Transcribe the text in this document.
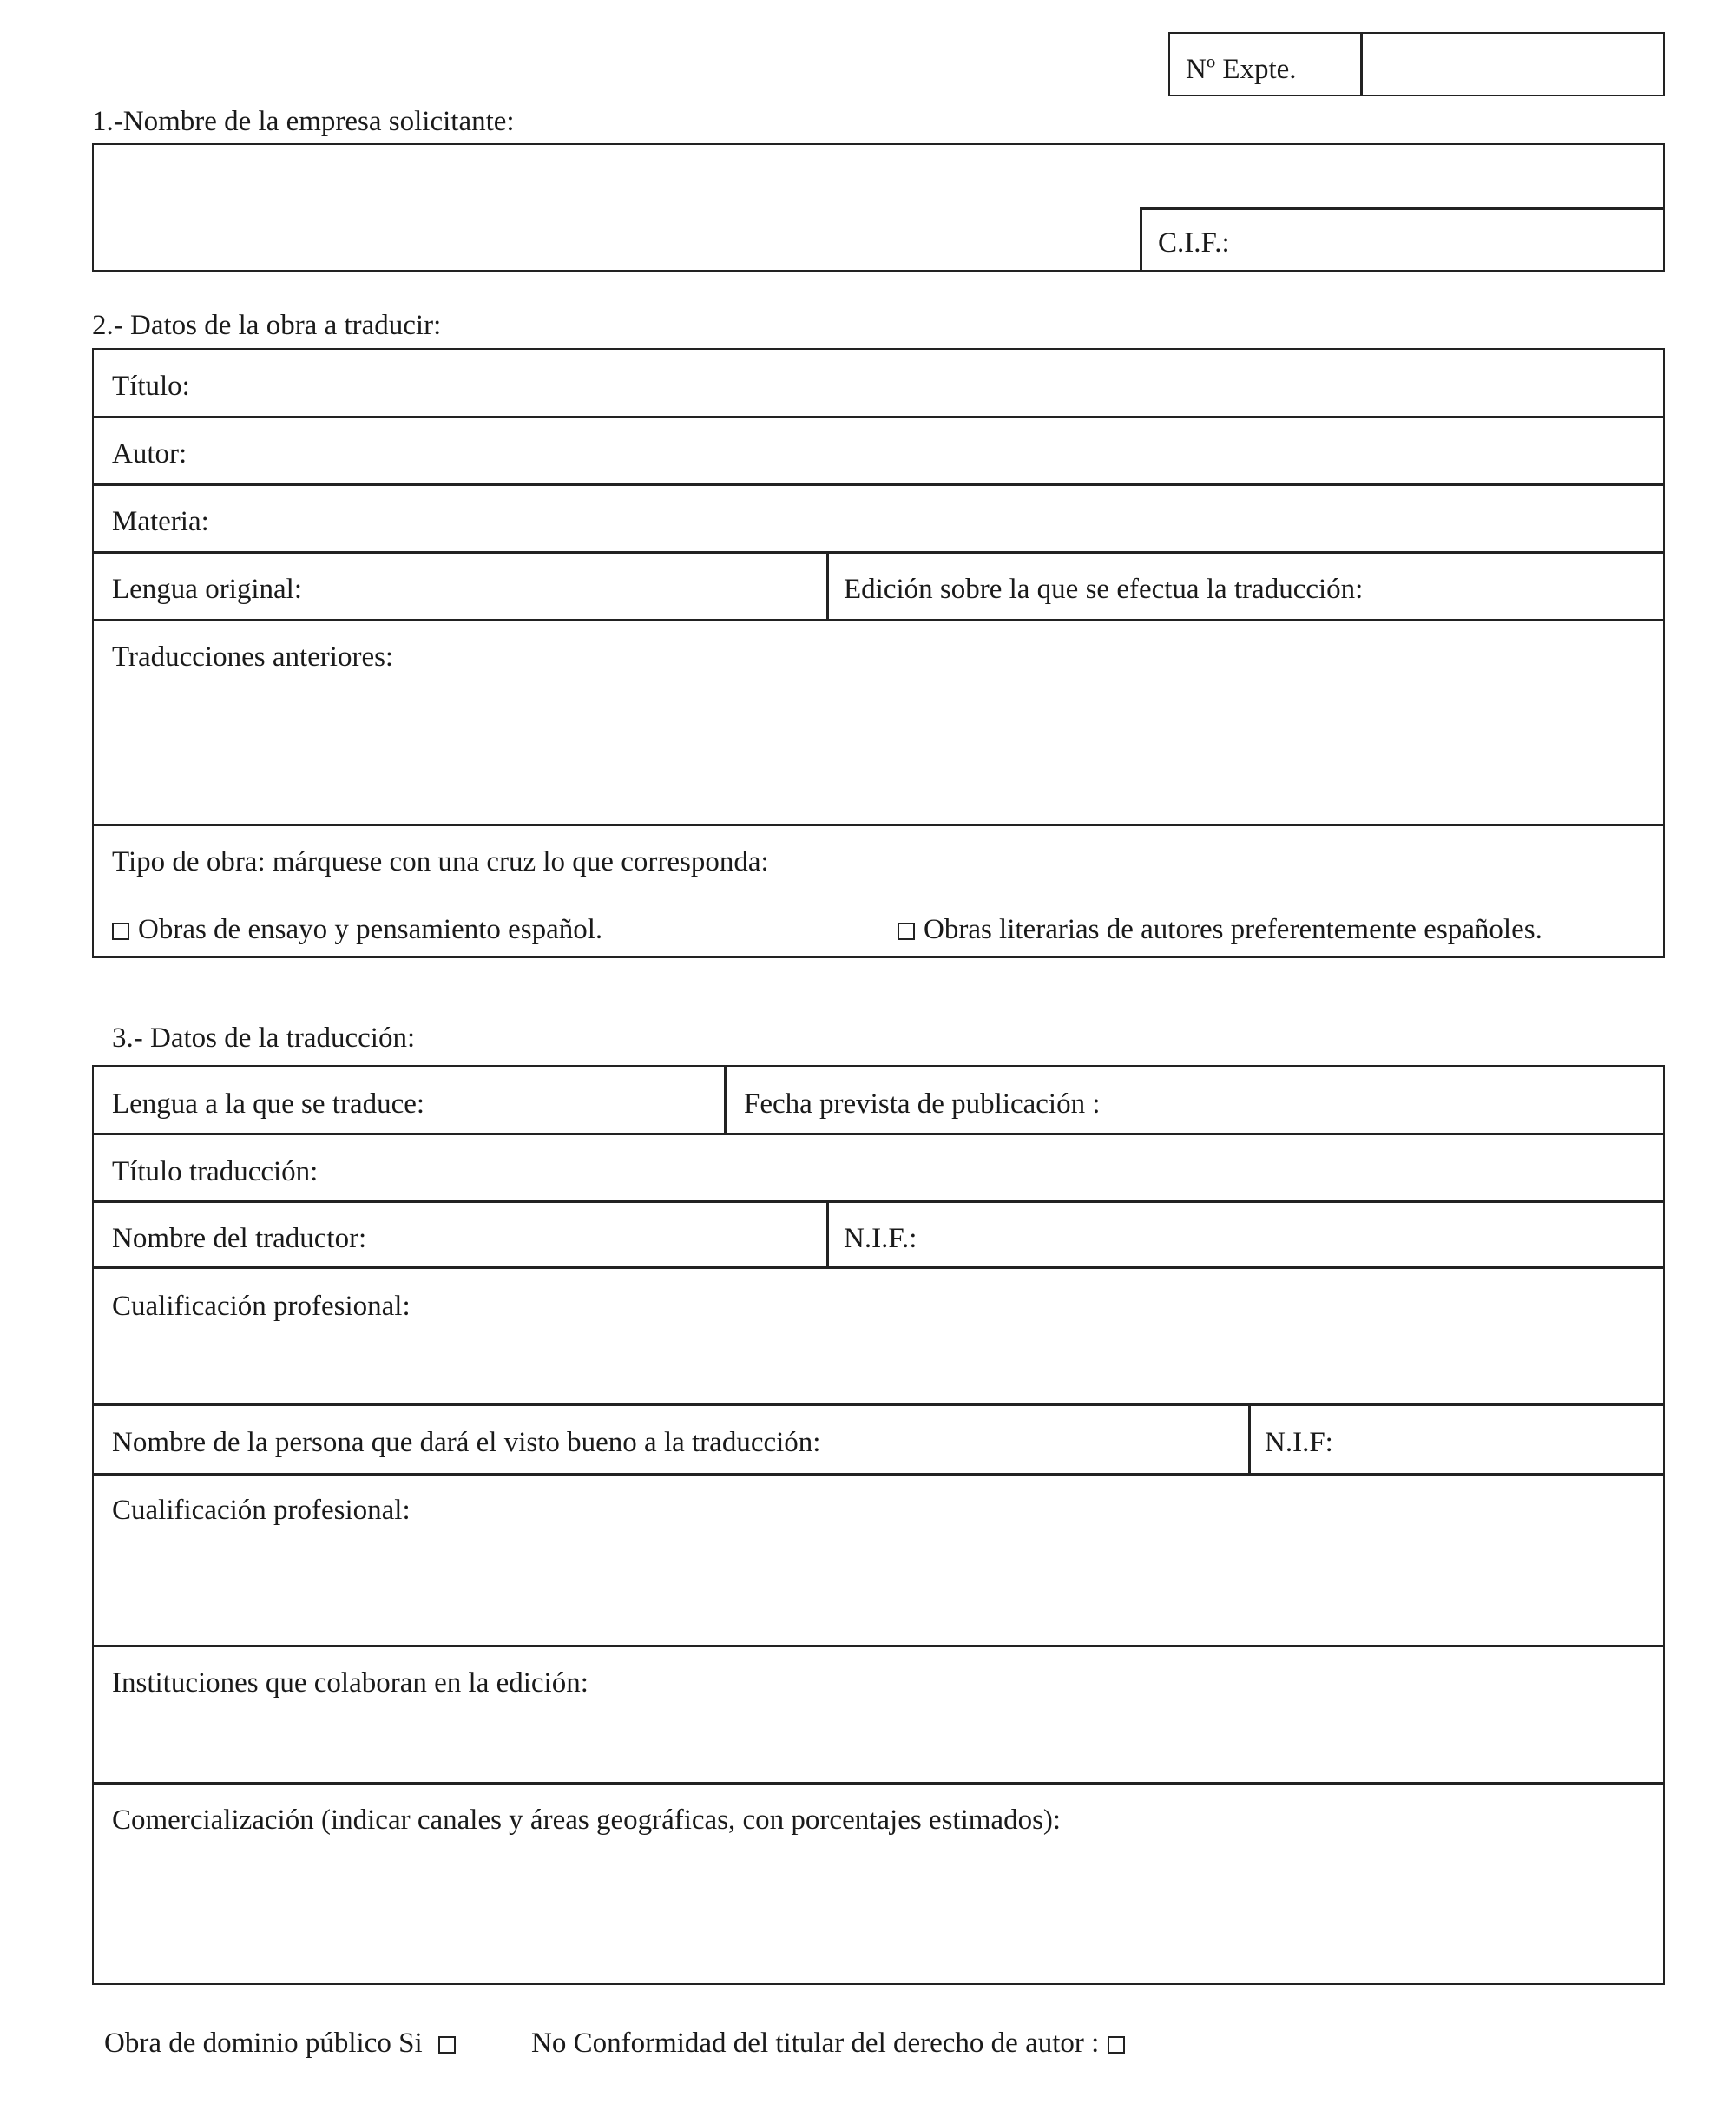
Nº Expte.
1.-Nombre de la empresa solicitante:
C.I.F.:
2.- Datos de la obra a traducir:
Título:
Autor:
Materia:
Lengua original:	Edición sobre la que se efectua la traducción:
Traducciones anteriores:
Tipo de obra: márquese con una cruz lo que corresponda:
Obras de ensayo y pensamiento español.	Obras literarias de autores preferentemente españoles.
3.- Datos de la traducción:
Lengua a la que se traduce:	Fecha prevista de publicación :
Título traducción:
Nombre del traductor:	N.I.F.:
Cualificación profesional:
Nombre de la persona que dará el visto bueno a la traducción:	N.I.F:
Cualificación profesional:
Instituciones que colaboran en la edición:
Comercialización (indicar canales y áreas geográficas, con porcentajes estimados):
Obra de dominio público Si	No Conformidad del titular del derecho de autor :
